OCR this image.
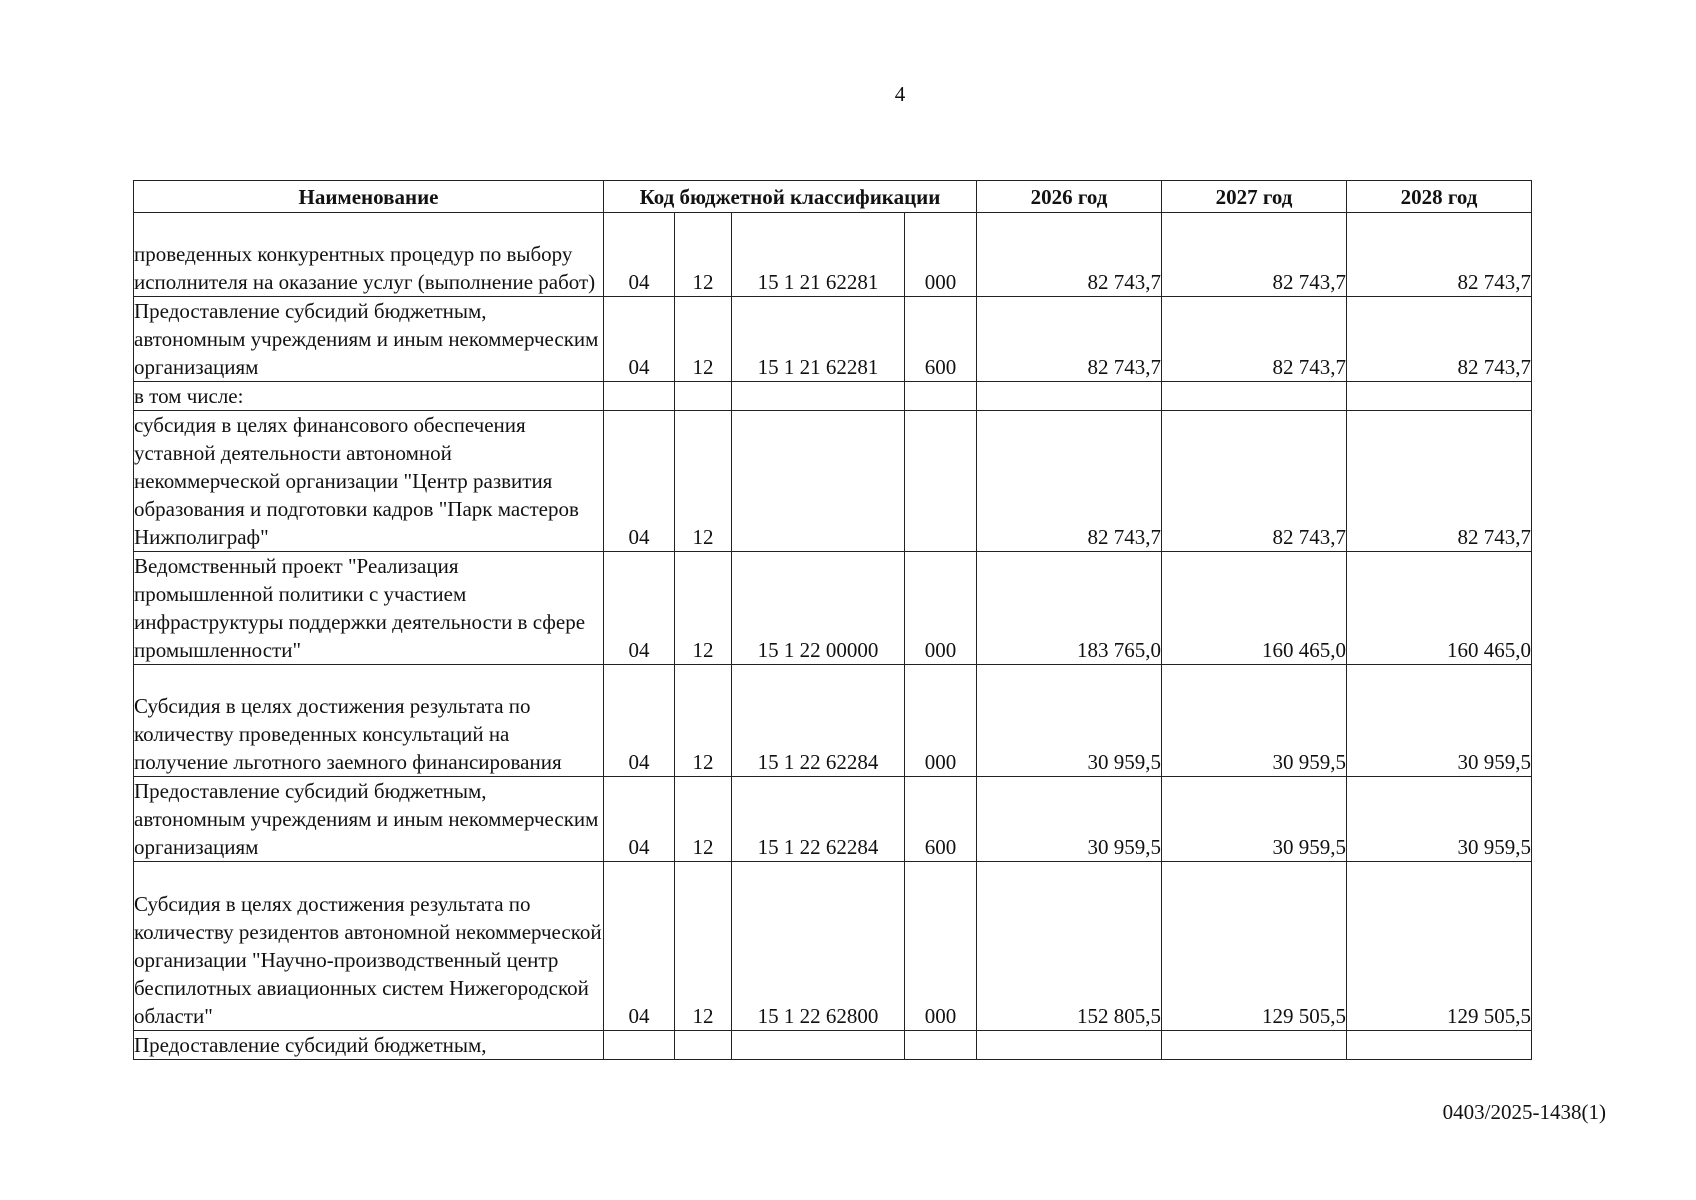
4
Наименование	Код бюджетной классификации				2026 год	2027 год	2028 год
проведенных конкурентных процедур по выбору исполнителя на оказание услуг (выполнение работ)	04	12	15 1 21 62281	000	82 743,7	82 743,7	82 743,7
Предоставление субсидий бюджетным, автономным учреждениям и иным некоммерческим организациям	04	12	15 1 21 62281	600	82 743,7	82 743,7	82 743,7
в том числе:							
субсидия в целях финансового обеспечения уставной деятельности автономной некоммерческой организации "Центр развития образования и подготовки кадров "Парк мастеров Нижполиграф"	04	12			82 743,7	82 743,7	82 743,7
Ведомственный проект "Реализация промышленной политики с участием инфраструктуры поддержки деятельности в сфере промышленности"	04	12	15 1 22 00000	000	183 765,0	160 465,0	160 465,0
Субсидия в целях достижения результата по количеству проведенных консультаций на получение льготного заемного финансирования	04	12	15 1 22 62284	000	30 959,5	30 959,5	30 959,5
Предоставление субсидий бюджетным, автономным учреждениям и иным некоммерческим организациям	04	12	15 1 22 62284	600	30 959,5	30 959,5	30 959,5
Субсидия в целях достижения результата по количеству резидентов автономной некоммерческой организации "Научно-производственный центр беспилотных авиационных систем Нижегородской области"	04	12	15 1 22 62800	000	152 805,5	129 505,5	129 505,5
Предоставление субсидий бюджетным,							
0403/2025-1438(1)
